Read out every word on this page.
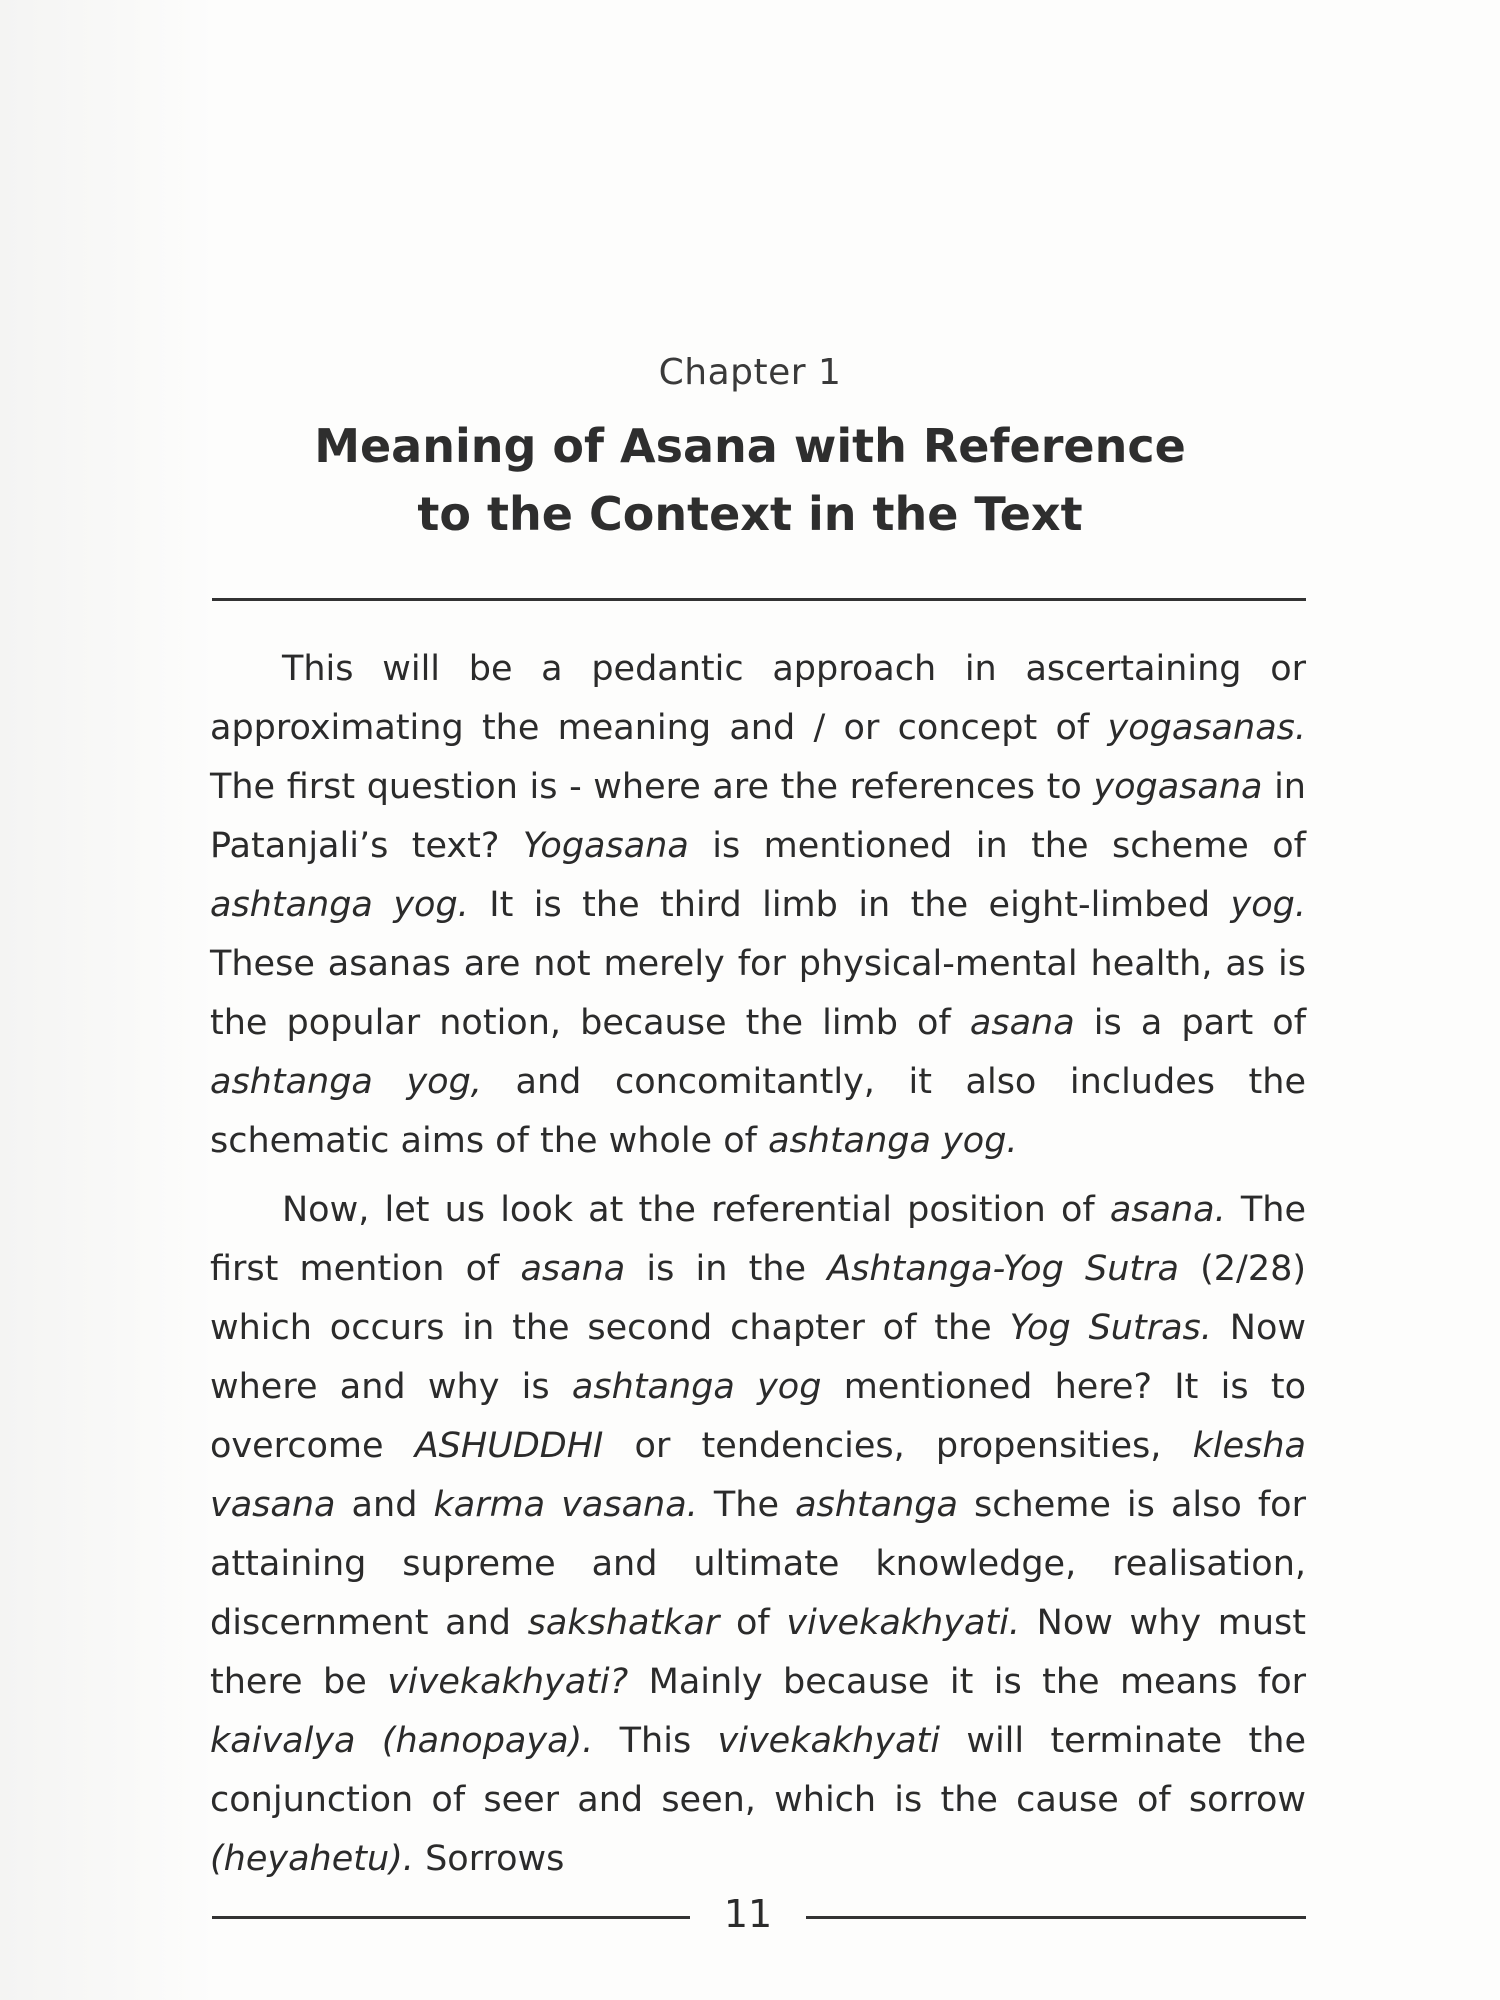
Chapter 1
Meaning of Asana with Reference
to the Context in the Text

This will be a pedantic approach in ascertaining or approximating the meaning and / or concept of yogasanas. The first question is - where are the references to yogasana in Patanjali’s text? Yogasana is mentioned in the scheme of ashtanga yog. It is the third limb in the eight-limbed yog. These asanas are not merely for physical-mental health, as is the popular notion, because the limb of asana is a part of ashtanga yog, and concomitantly, it also includes the schematic aims of the whole of ashtanga yog.

Now, let us look at the referential position of asana. The first mention of asana is in the Ashtanga-Yog Sutra (2/28) which occurs in the second chapter of the Yog Sutras. Now where and why is ashtanga yog mentioned here? It is to overcome ASHUDDHI or tendencies, propensities, klesha vasana and karma vasana. The ashtanga scheme is also for attaining supreme and ultimate knowledge, realisation, discernment and sakshatkar of vivekakhyati. Now why must there be vivekakhyati? Mainly because it is the means for kaivalya (hanopaya). This vivekakhyati will terminate the conjunction of seer and seen, which is the cause of sorrow (heyahetu). Sorrows

11
